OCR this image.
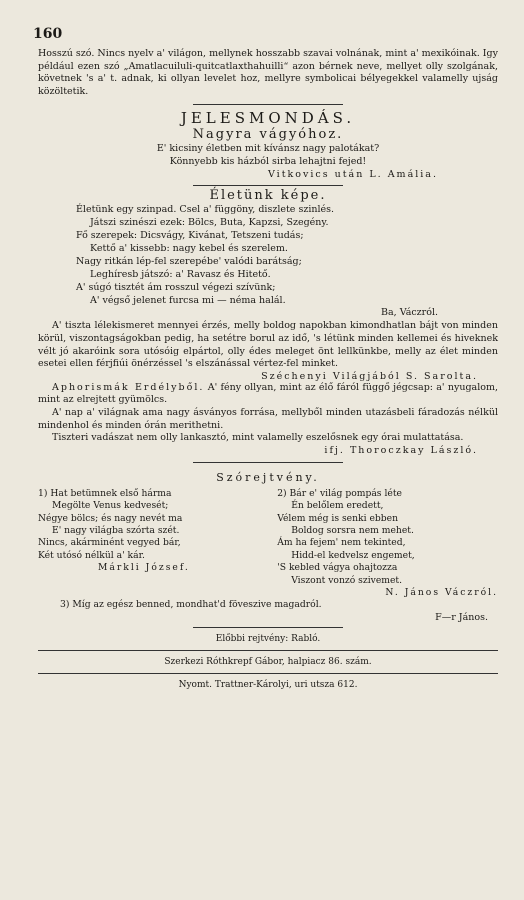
160

Hosszú szó. Nincs nyelv a' világon, mellynek hosszabb szavai volnának, mint a' mexikóinak. Igy például ezen szó „Amatlacuiluli-quitcatlaxthahuilli“ azon bérnek neve, mellyet olly szolgának, követnek 's a' t. adnak, ki ollyan levelet hoz, mellyre symbolicai bélyegekkel valamelly ujság közöltetik.

JELESMONDÁS.
Nagyra vágyóhoz.
E' kicsiny életben mit kívánsz nagy palotákat?
Könnyebb kis házból sirba lehajtni fejed!
Vitkovics után L. Amália.
Életünk képe.
Életünk egy szinpad. Csel a' függöny, diszlete szinlés.
Játszi szinészi ezek: Bölcs, Buta, Kapzsi, Szegény.
Fő szerepek: Dicsvágy, Kivánat, Tetszeni tudás;
Kettő a' kissebb: nagy kebel és szerelem.
Nagy ritkán lép-fel szerepébe' valódi barátság;
Leghíresb játszó: a' Ravasz és Hitető.
A' súgó tisztét ám rosszul végezi szívünk;
A' végső jelenet furcsa mi — néma halál.
Ba, Váczról.

A' tiszta lélekismeret mennyei érzés, melly boldog napokban kimondhatlan bájt von minden körül, viszontagságokban pedig, ha setétre borul az idő, 's létünk minden kellemei és hiveknek vélt jó akaróink sora utósóig elpártol, olly édes meleget önt lellkünkbe, melly az élet minden esetei ellen férjfiúi önérzéssel 's elszánással vértez-fel minket.

Széchenyi Világjából S. Sarolta.

Aphorismák Erdélyből. A' fény ollyan, mint az élő fáról függő jégcsap: a' nyugalom, mint az elrejtett gyümölcs.

A' nap a' világnak ama nagy ásványos forrása, mellyből minden utazásbeli fáradozás nélkül mindenhol és minden órán merithetni.

Tiszteri vadászat nem olly lankasztó, mint valamelly eszelősnek egy órai mulattatása.

ifj. Thoroczkay László.
Szórejtvény.
1) Hat betümnek első hárma
Megölte Venus kedvesét;
Négye bölcs; és nagy nevét ma
E' nagy világba szórta szét.
Nincs, akárminént vegyed bár,
Két utósó nélkül a' kár.
Márkli József.
2) Bár e' világ pompás léte
Én belőlem eredett,
Vélem még is senki ebben
Boldog sorsra nem mehet.
Ám ha fejem' nem tekinted,
Hidd-el kedvelsz engemet,
'S kebled vágya ohajtozza
Viszont vonzó szivemet.
N. János Váczról.
3) Míg az egész benned, mondhat'd föveszive magadról.
F—r János.
Előbbi rejtvény: Rabló.
Szerkezi Róthkrepf Gábor, halpiacz 86. szám.
Nyomt. Trattner-Károlyi, uri utsza 612.
